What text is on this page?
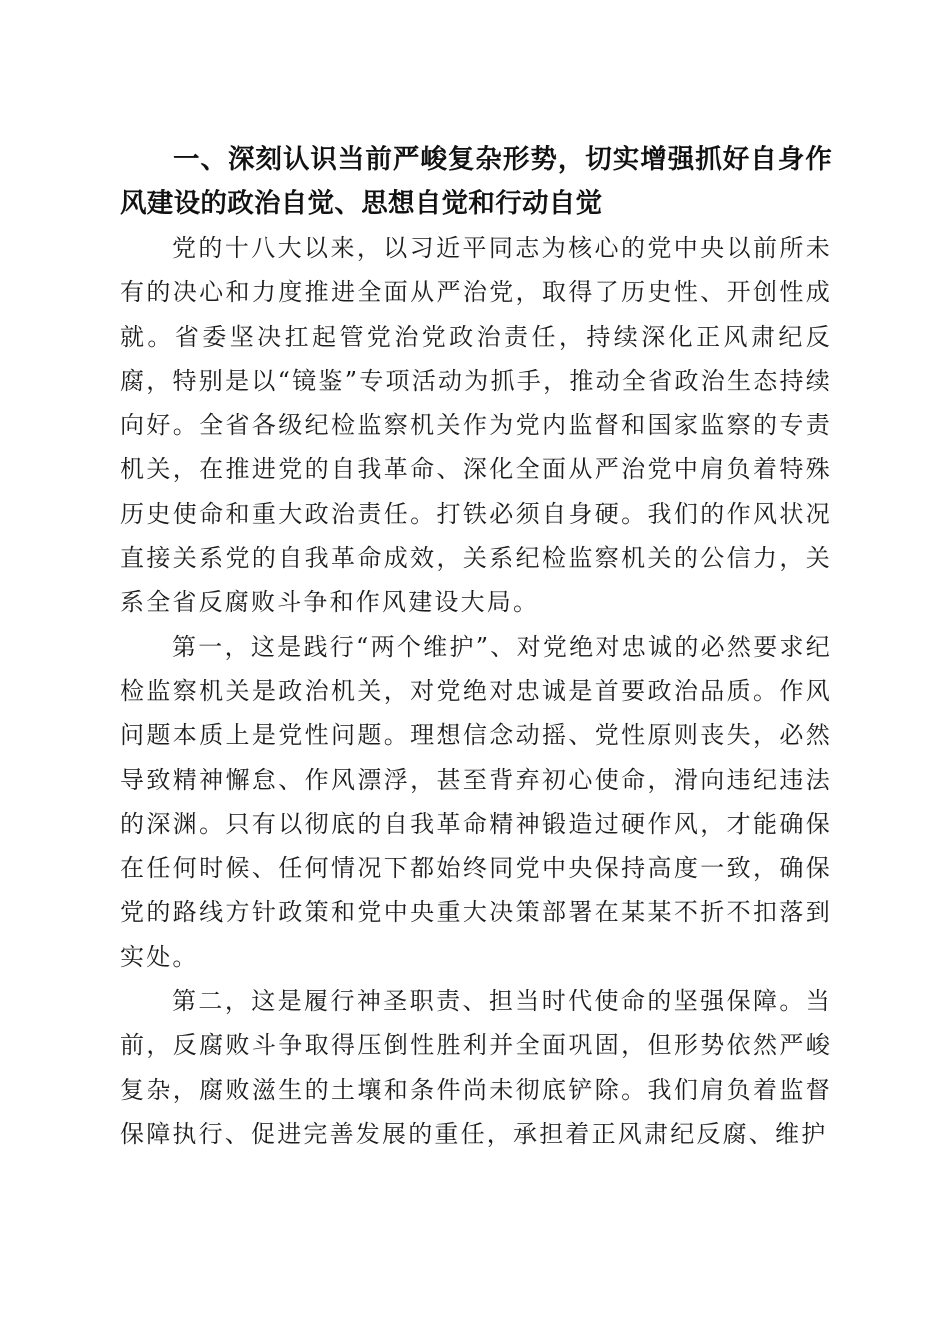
一、深刻认识当前严峻复杂形势，切实增强抓好自身作风建设的政治自觉、思想自觉和行动自觉

党的十八大以来，以习近平同志为核心的党中央以前所未有的决心和力度推进全面从严治党，取得了历史性、开创性成就。省委坚决扛起管党治党政治责任，持续深化正风肃纪反腐，特别是以“镜鉴”专项活动为抓手，推动全省政治生态持续向好。全省各级纪检监察机关作为党内监督和国家监察的专责机关，在推进党的自我革命、深化全面从严治党中肩负着特殊历史使命和重大政治责任。打铁必须自身硬。我们的作风状况直接关系党的自我革命成效，关系纪检监察机关的公信力，关系全省反腐败斗争和作风建设大局。

第一，这是践行“两个维护”、对党绝对忠诚的必然要求纪检监察机关是政治机关，对党绝对忠诚是首要政治品质。作风问题本质上是党性问题。理想信念动摇、党性原则丧失，必然导致精神懈怠、作风漂浮，甚至背弃初心使命，滑向违纪违法的深渊。只有以彻底的自我革命精神锻造过硬作风，才能确保在任何时候、任何情况下都始终同党中央保持高度一致，确保党的路线方针政策和党中央重大决策部署在某某不折不扣落到实处。

第二，这是履行神圣职责、担当时代使命的坚强保障。当前，反腐败斗争取得压倒性胜利并全面巩固，但形势依然严峻复杂，腐败滋生的土壤和条件尚未彻底铲除。我们肩负着监督保障执行、促进完善发展的重任，承担着正风肃纪反腐、维护
